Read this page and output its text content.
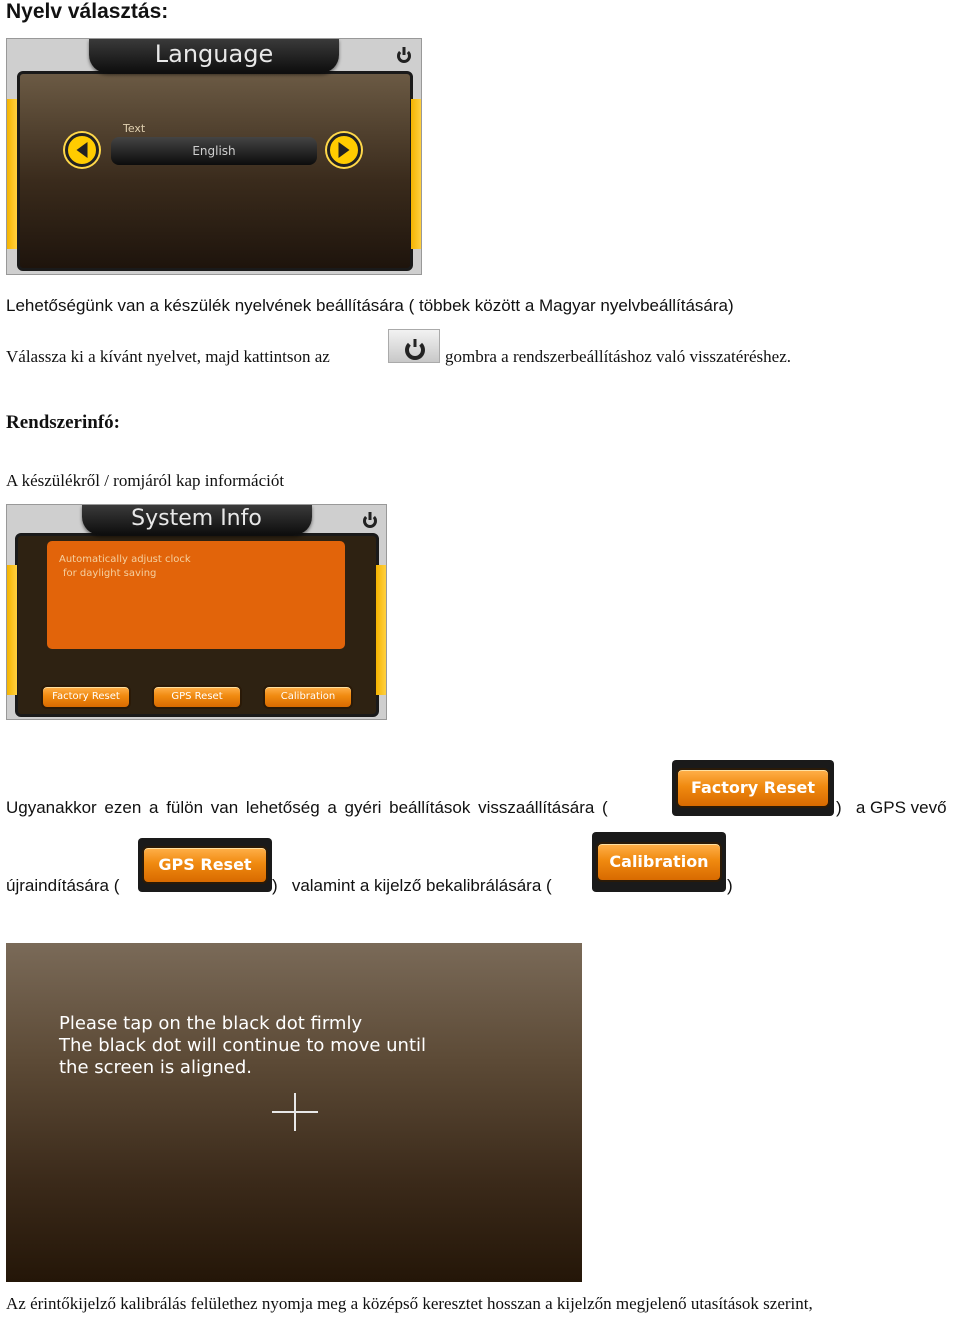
Nyelv választás:
Language
Text
English
Lehetőségünk van a készülék nyelvének beállítására ( többek között a Magyar nyelvbeállítására)
Válassza ki a kívánt nyelvet, majd kattintson az	gombra a rendszerbeállításhoz való visszatéréshez.
Rendszerinfó:
A készülékről / romjáról kap információt
System Info
Automatically adjust clock
for daylight saving
Factory Reset	GPS Reset	Calibration
Ugyanakkor ezen a fülön van lehetőség a gyéri beállítások visszaállítására (
Factory Reset
)   a GPS vevő
újraindítására (
GPS Reset
)   valamint a kijelző bekalibrálására (
Calibration
)
Please tap on the black dot firmly
The black dot will continue to move until
the screen is aligned.
Az érintőkijelző kalibrálás felülethez nyomja meg a középső keresztet hosszan a kijelzőn megjelenő utasítások szerint,
